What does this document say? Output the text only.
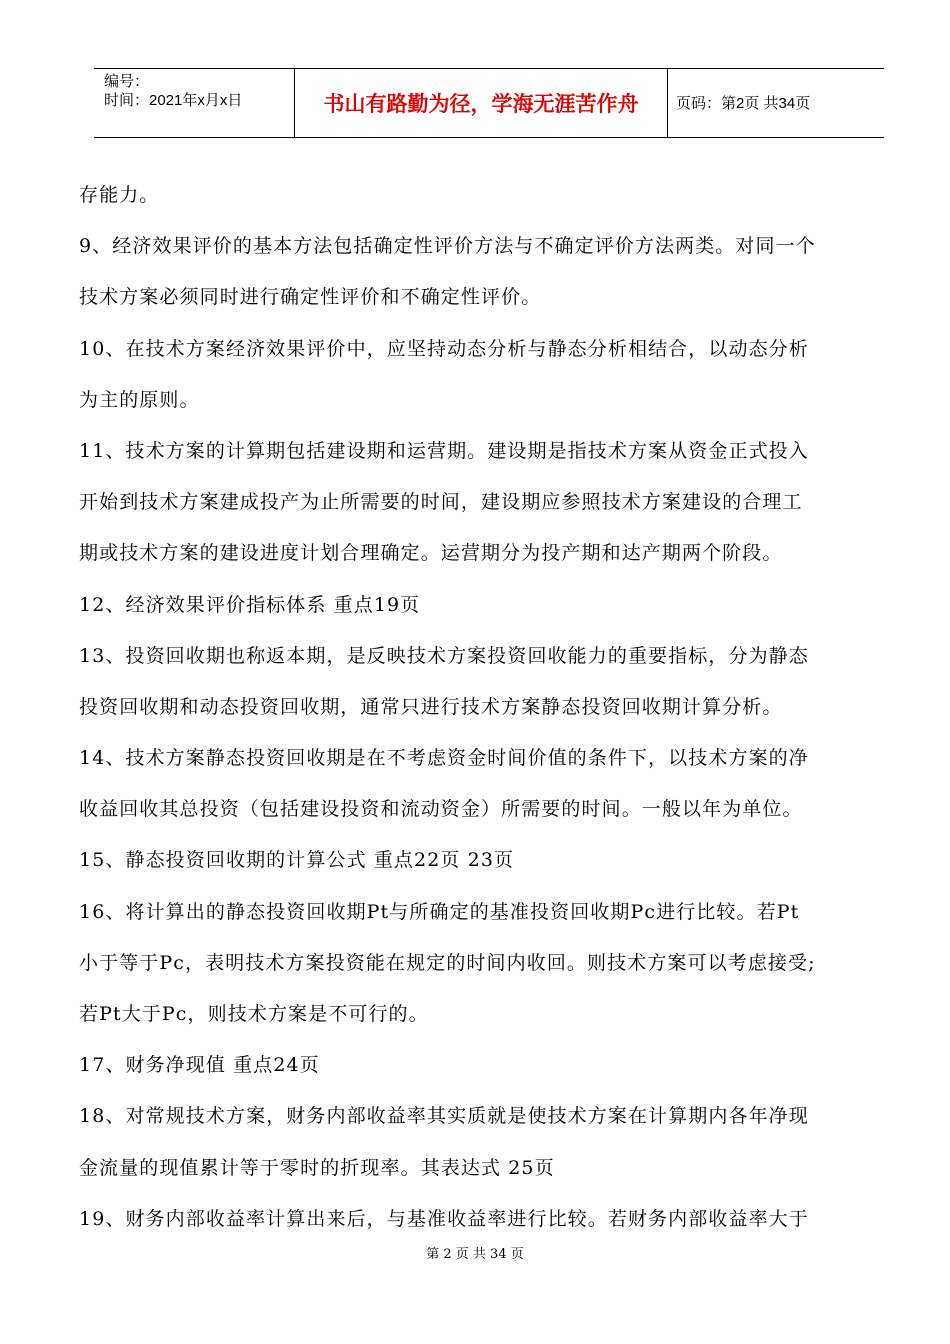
编号：
时间：2021年x月x日	书山有路勤为径，学海无涯苦作舟	页码：第2页 共34页
存能力。
9、经济效果评价的基本方法包括确定性评价方法与不确定评价方法两类。对同一个
技术方案必须同时进行确定性评价和不确定性评价。
10、在技术方案经济效果评价中，应坚持动态分析与静态分析相结合，以动态分析
为主的原则。
11、技术方案的计算期包括建设期和运营期。建设期是指技术方案从资金正式投入
开始到技术方案建成投产为止所需要的时间，建设期应参照技术方案建设的合理工
期或技术方案的建设进度计划合理确定。运营期分为投产期和达产期两个阶段。
12、经济效果评价指标体系 重点19页
13、投资回收期也称返本期，是反映技术方案投资回收能力的重要指标，分为静态
投资回收期和动态投资回收期，通常只进行技术方案静态投资回收期计算分析。
14、技术方案静态投资回收期是在不考虑资金时间价值的条件下，以技术方案的净
收益回收其总投资（包括建设投资和流动资金）所需要的时间。一般以年为单位。
15、静态投资回收期的计算公式 重点22页 23页
16、将计算出的静态投资回收期Pt与所确定的基准投资回收期Pc进行比较。若Pt
小于等于Pc，表明技术方案投资能在规定的时间内收回。则技术方案可以考虑接受;
若Pt大于Pc，则技术方案是不可行的。
17、财务净现值 重点24页
18、对常规技术方案，财务内部收益率其实质就是使技术方案在计算期内各年净现
金流量的现值累计等于零时的折现率。其表达式 25页
19、财务内部收益率计算出来后，与基准收益率进行比较。若财务内部收益率大于
第 2 页 共 34 页
